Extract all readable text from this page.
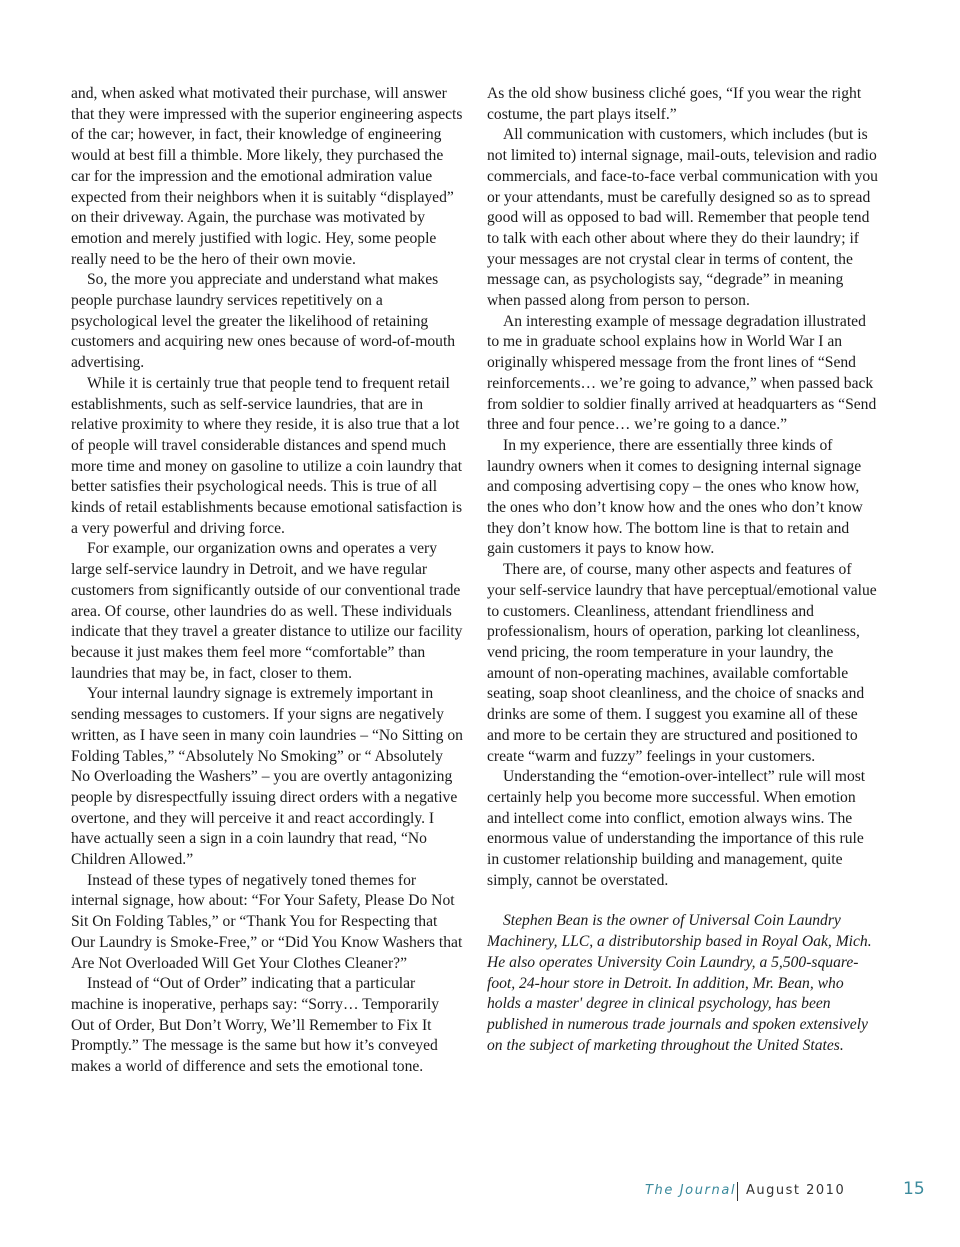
and, when asked what motivated their purchase, will answer that they were impressed with the superior engineering aspects of the car; however, in fact, their knowledge of engineering would at best fill a thimble. More likely, they purchased the car for the impression and the emotional admiration value expected from their neighbors when it is suitably “displayed” on their driveway. Again, the purchase was motivated by emotion and merely justified with logic. Hey, some people really need to be the hero of their own movie.

So, the more you appreciate and understand what makes people purchase laundry services repetitively on a psychological level the greater the likelihood of retaining customers and acquiring new ones because of word-of-mouth advertising.

While it is certainly true that people tend to frequent retail establishments, such as self-service laundries, that are in relative proximity to where they reside, it is also true that a lot of people will travel considerable distances and spend much more time and money on gasoline to utilize a coin laundry that better satisfies their psychological needs. This is true of all kinds of retail establishments because emotional satisfaction is a very powerful and driving force.

For example, our organization owns and operates a very large self-service laundry in Detroit, and we have regular customers from significantly outside of our conventional trade area. Of course, other laundries do as well. These individuals indicate that they travel a greater distance to utilize our facility because it just makes them feel more “comfortable” than laundries that may be, in fact, closer to them.

Your internal laundry signage is extremely important in sending messages to customers. If your signs are negatively written, as I have seen in many coin laundries – “No Sitting on Folding Tables,” “Absolutely No Smoking” or “ Absolutely No Overloading the Washers” – you are overtly antagonizing people by disrespectfully issuing direct orders with a negative overtone, and they will perceive it and react accordingly. I have actually seen a sign in a coin laundry that read, “No Children Allowed.”

Instead of these types of negatively toned themes for internal signage, how about: “For Your Safety, Please Do Not Sit On Folding Tables,” or “Thank You for Respecting that Our Laundry is Smoke-Free,” or “Did You Know Washers that Are Not Overloaded Will Get Your Clothes Cleaner?”

Instead of “Out of Order” indicating that a particular machine is inoperative, perhaps say: “Sorry… Temporarily Out of Order, But Don’t Worry, We’ll Remember to Fix It Promptly.” The message is the same but how it’s conveyed makes a world of difference and sets the emotional tone.

As the old show business cliché goes, “If you wear the right costume, the part plays itself.”

All communication with customers, which includes (but is not limited to) internal signage, mail-outs, television and radio commercials, and face-to-face verbal communication with you or your attendants, must be carefully designed so as to spread good will as opposed to bad will. Remember that people tend to talk with each other about where they do their laundry; if your messages are not crystal clear in terms of content, the message can, as psychologists say, “degrade” in meaning when passed along from person to person.

An interesting example of message degradation illustrated to me in graduate school explains how in World War I an originally whispered message from the front lines of “Send reinforcements… we’re going to advance,” when passed back from soldier to soldier finally arrived at headquarters as “Send three and four pence… we’re going to a dance.”

In my experience, there are essentially three kinds of laundry owners when it comes to designing internal signage and composing advertising copy – the ones who know how, the ones who don’t know how and the ones who don’t know they don’t know how. The bottom line is that to retain and gain customers it pays to know how.

There are, of course, many other aspects and features of your self-service laundry that have perceptual/emotional value to customers. Cleanliness, attendant friendliness and professionalism, hours of operation, parking lot cleanliness, vend pricing, the room temperature in your laundry, the amount of non-operating machines, available comfortable seating, soap shoot cleanliness, and the choice of snacks and drinks are some of them. I suggest you examine all of these and more to be certain they are structured and positioned to create “warm and fuzzy” feelings in your customers.

Understanding the “emotion-over-intellect” rule will most certainly help you become more successful. When emotion and intellect come into conflict, emotion always wins. The enormous value of understanding the importance of this rule in customer relationship building and management, quite simply, cannot be overstated.

Stephen Bean is the owner of Universal Coin Laundry Machinery, LLC, a distributorship based in Royal Oak, Mich. He also operates University Coin Laundry, a 5,500-square-foot, 24-hour store in Detroit. In addition, Mr. Bean, who holds a master' degree in clinical psychology, has been published in numerous trade journals and spoken extensively on the subject of marketing throughout the United States.

The Journal August 2010	15
